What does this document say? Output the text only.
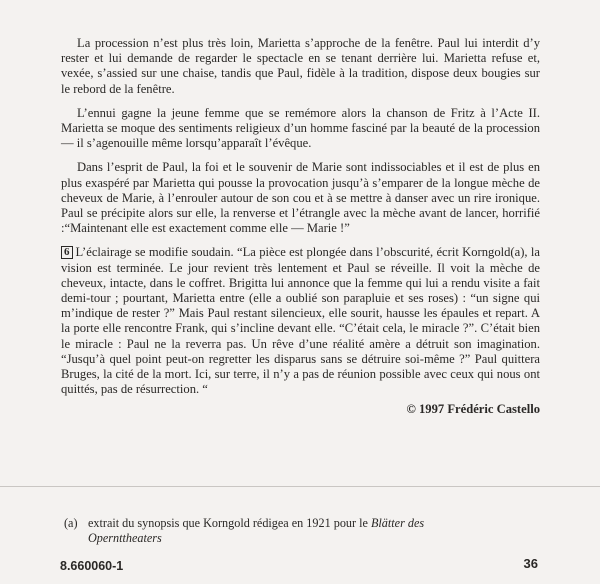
La procession n’est plus très loin, Marietta s’approche de la fenêtre. Paul lui interdit d’y rester et lui demande de regarder le spectacle en se tenant derrière lui. Marietta refuse et, vexée, s’assied sur une chaise, tandis que Paul, fidèle à la tradition, dispose deux bougies sur le rebord de la fenêtre.

L’ennui gagne la jeune femme que se remémore alors la chanson de Fritz à l’Acte II. Marietta se moque des sentiments religieux d’un homme fasciné par la beauté de la procession — il s’agenouille même lorsqu’apparaît l’évêque.

Dans l’esprit de Paul, la foi et le souvenir de Marie sont indissociables et il est de plus en plus exaspéré par Marietta qui pousse la provocation jusqu’à s’emparer de la longue mèche de cheveux de Marie, à l’enrouler autour de son cou et à se mettre à danser avec un rire ironique. Paul se précipite alors sur elle, la renverse et l’étrangle avec la mèche avant de lancer, horrifié :“Maintenant elle est exactement comme elle — Marie !”

6 L’éclairage se modifie soudain. “La pièce est plongée dans l’obscurité, écrit Korngold(a), la vision est terminée. Le jour revient très lentement et Paul se réveille. Il voit la mèche de cheveux, intacte, dans le coffret. Brigitta lui annonce que la femme qui lui a rendu visite a fait demi-tour ; pourtant, Marietta entre (elle a oublié son parapluie et ses roses) : “un signe qui m’indique de rester ?” Mais Paul restant silencieux, elle sourit, hausse les épaules et repart. A la porte elle rencontre Frank, qui s’incline devant elle. “C’était cela, le miracle ?”. C’était bien le miracle : Paul ne la reverra pas. Un rêve d’une réalité amère a détruit son imagination. “Jusqu’à quel point peut-on regretter les disparus sans se détruire soi-même ?” Paul quittera Bruges, la cité de la mort. Ici, sur terre, il n’y a pas de réunion possible avec ceux qui nous ont quittés, pas de résurrection. “

© 1997 Frédéric Castello

(a) extrait du synopsis que Korngold rédigea en 1921 pour le Blätter des
Opernttheaters
8.660060-1	36
